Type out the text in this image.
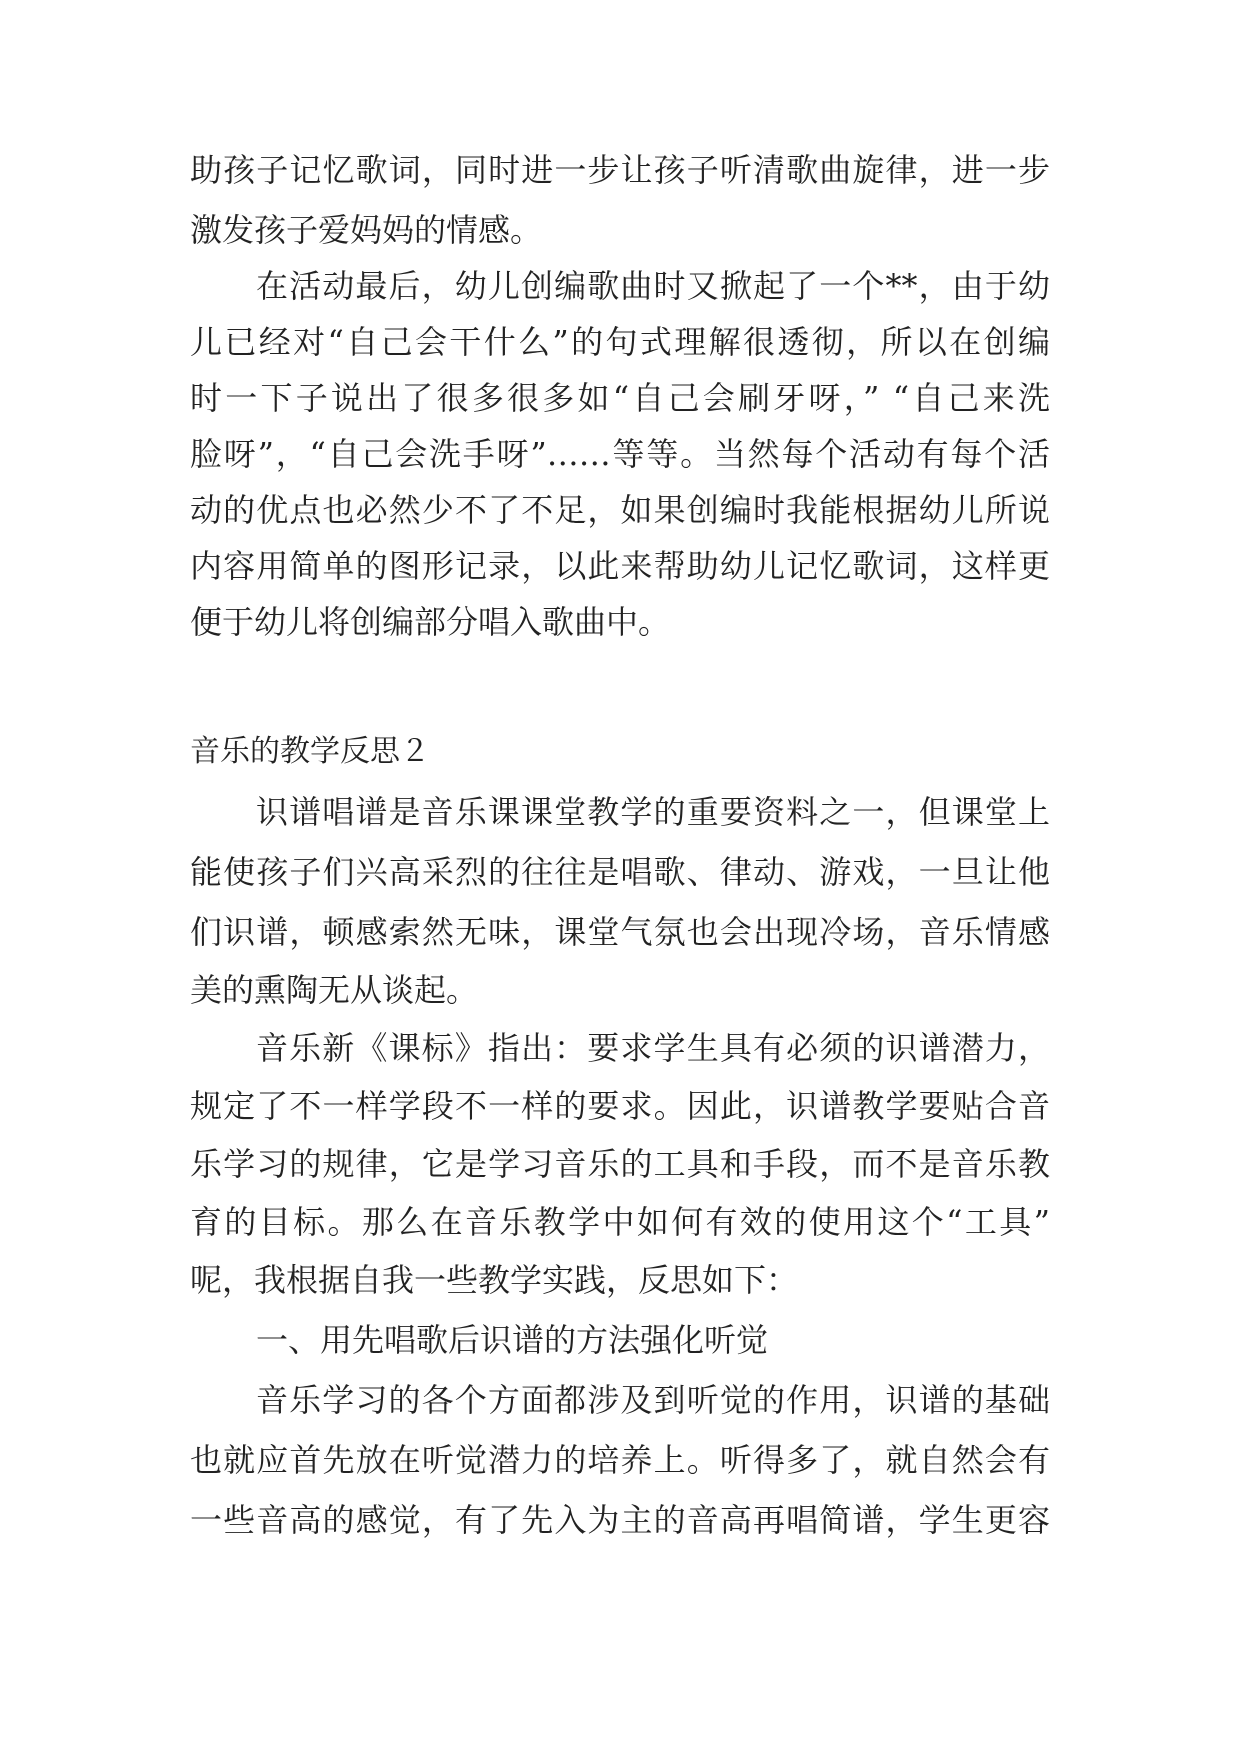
助孩子记忆歌词，同时进一步让孩子听清歌曲旋律，进一步
激发孩子爱妈妈的情感。
在活动最后，幼儿创编歌曲时又掀起了一个**，由于幼
儿已经对“自己会干什么”的句式理解很透彻，所以在创编
时一下子说出了很多很多如“自己会刷牙呀，” “自己来洗
脸呀”，“自己会洗手呀”……等等。当然每个活动有每个活
动的优点也必然少不了不足，如果创编时我能根据幼儿所说
内容用简单的图形记录，以此来帮助幼儿记忆歌词，这样更
便于幼儿将创编部分唱入歌曲中。
音乐的教学反思２
识谱唱谱是音乐课课堂教学的重要资料之一，但课堂上
能使孩子们兴高采烈的往往是唱歌、律动、游戏，一旦让他
们识谱，顿感索然无味，课堂气氛也会出现冷场，音乐情感
美的熏陶无从谈起。
音乐新《课标》指出：要求学生具有必须的识谱潜力，
规定了不一样学段不一样的要求。因此，识谱教学要贴合音
乐学习的规律，它是学习音乐的工具和手段，而不是音乐教
育的目标。那么在音乐教学中如何有效的使用这个“工具”
呢，我根据自我一些教学实践，反思如下：
一、用先唱歌后识谱的方法强化听觉
音乐学习的各个方面都涉及到听觉的作用，识谱的基础
也就应首先放在听觉潜力的培养上。听得多了，就自然会有
一些音高的感觉，有了先入为主的音高再唱简谱，学生更容
